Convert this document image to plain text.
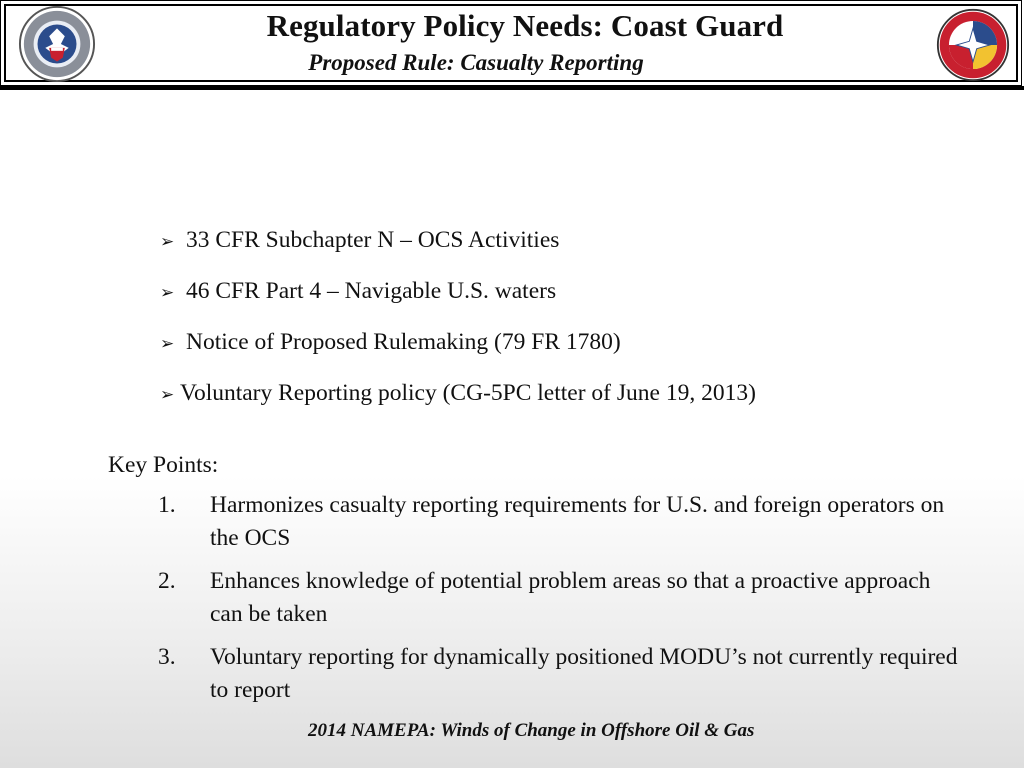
Regulatory Policy Needs: Coast Guard
Proposed Rule: Casualty Reporting
➢ 33 CFR Subchapter N – OCS Activities
➢ 46 CFR Part 4 – Navigable U.S. waters
➢ Notice of Proposed Rulemaking (79 FR 1780)
➢ Voluntary Reporting policy (CG-5PC letter of June 19, 2013)
Key Points:
1. Harmonizes casualty reporting requirements for U.S. and foreign operators on the OCS
2. Enhances knowledge of potential problem areas so that a proactive approach can be taken
3. Voluntary reporting for dynamically positioned MODU’s not currently required to report
2014 NAMEPA: Winds of Change in Offshore Oil & Gas
